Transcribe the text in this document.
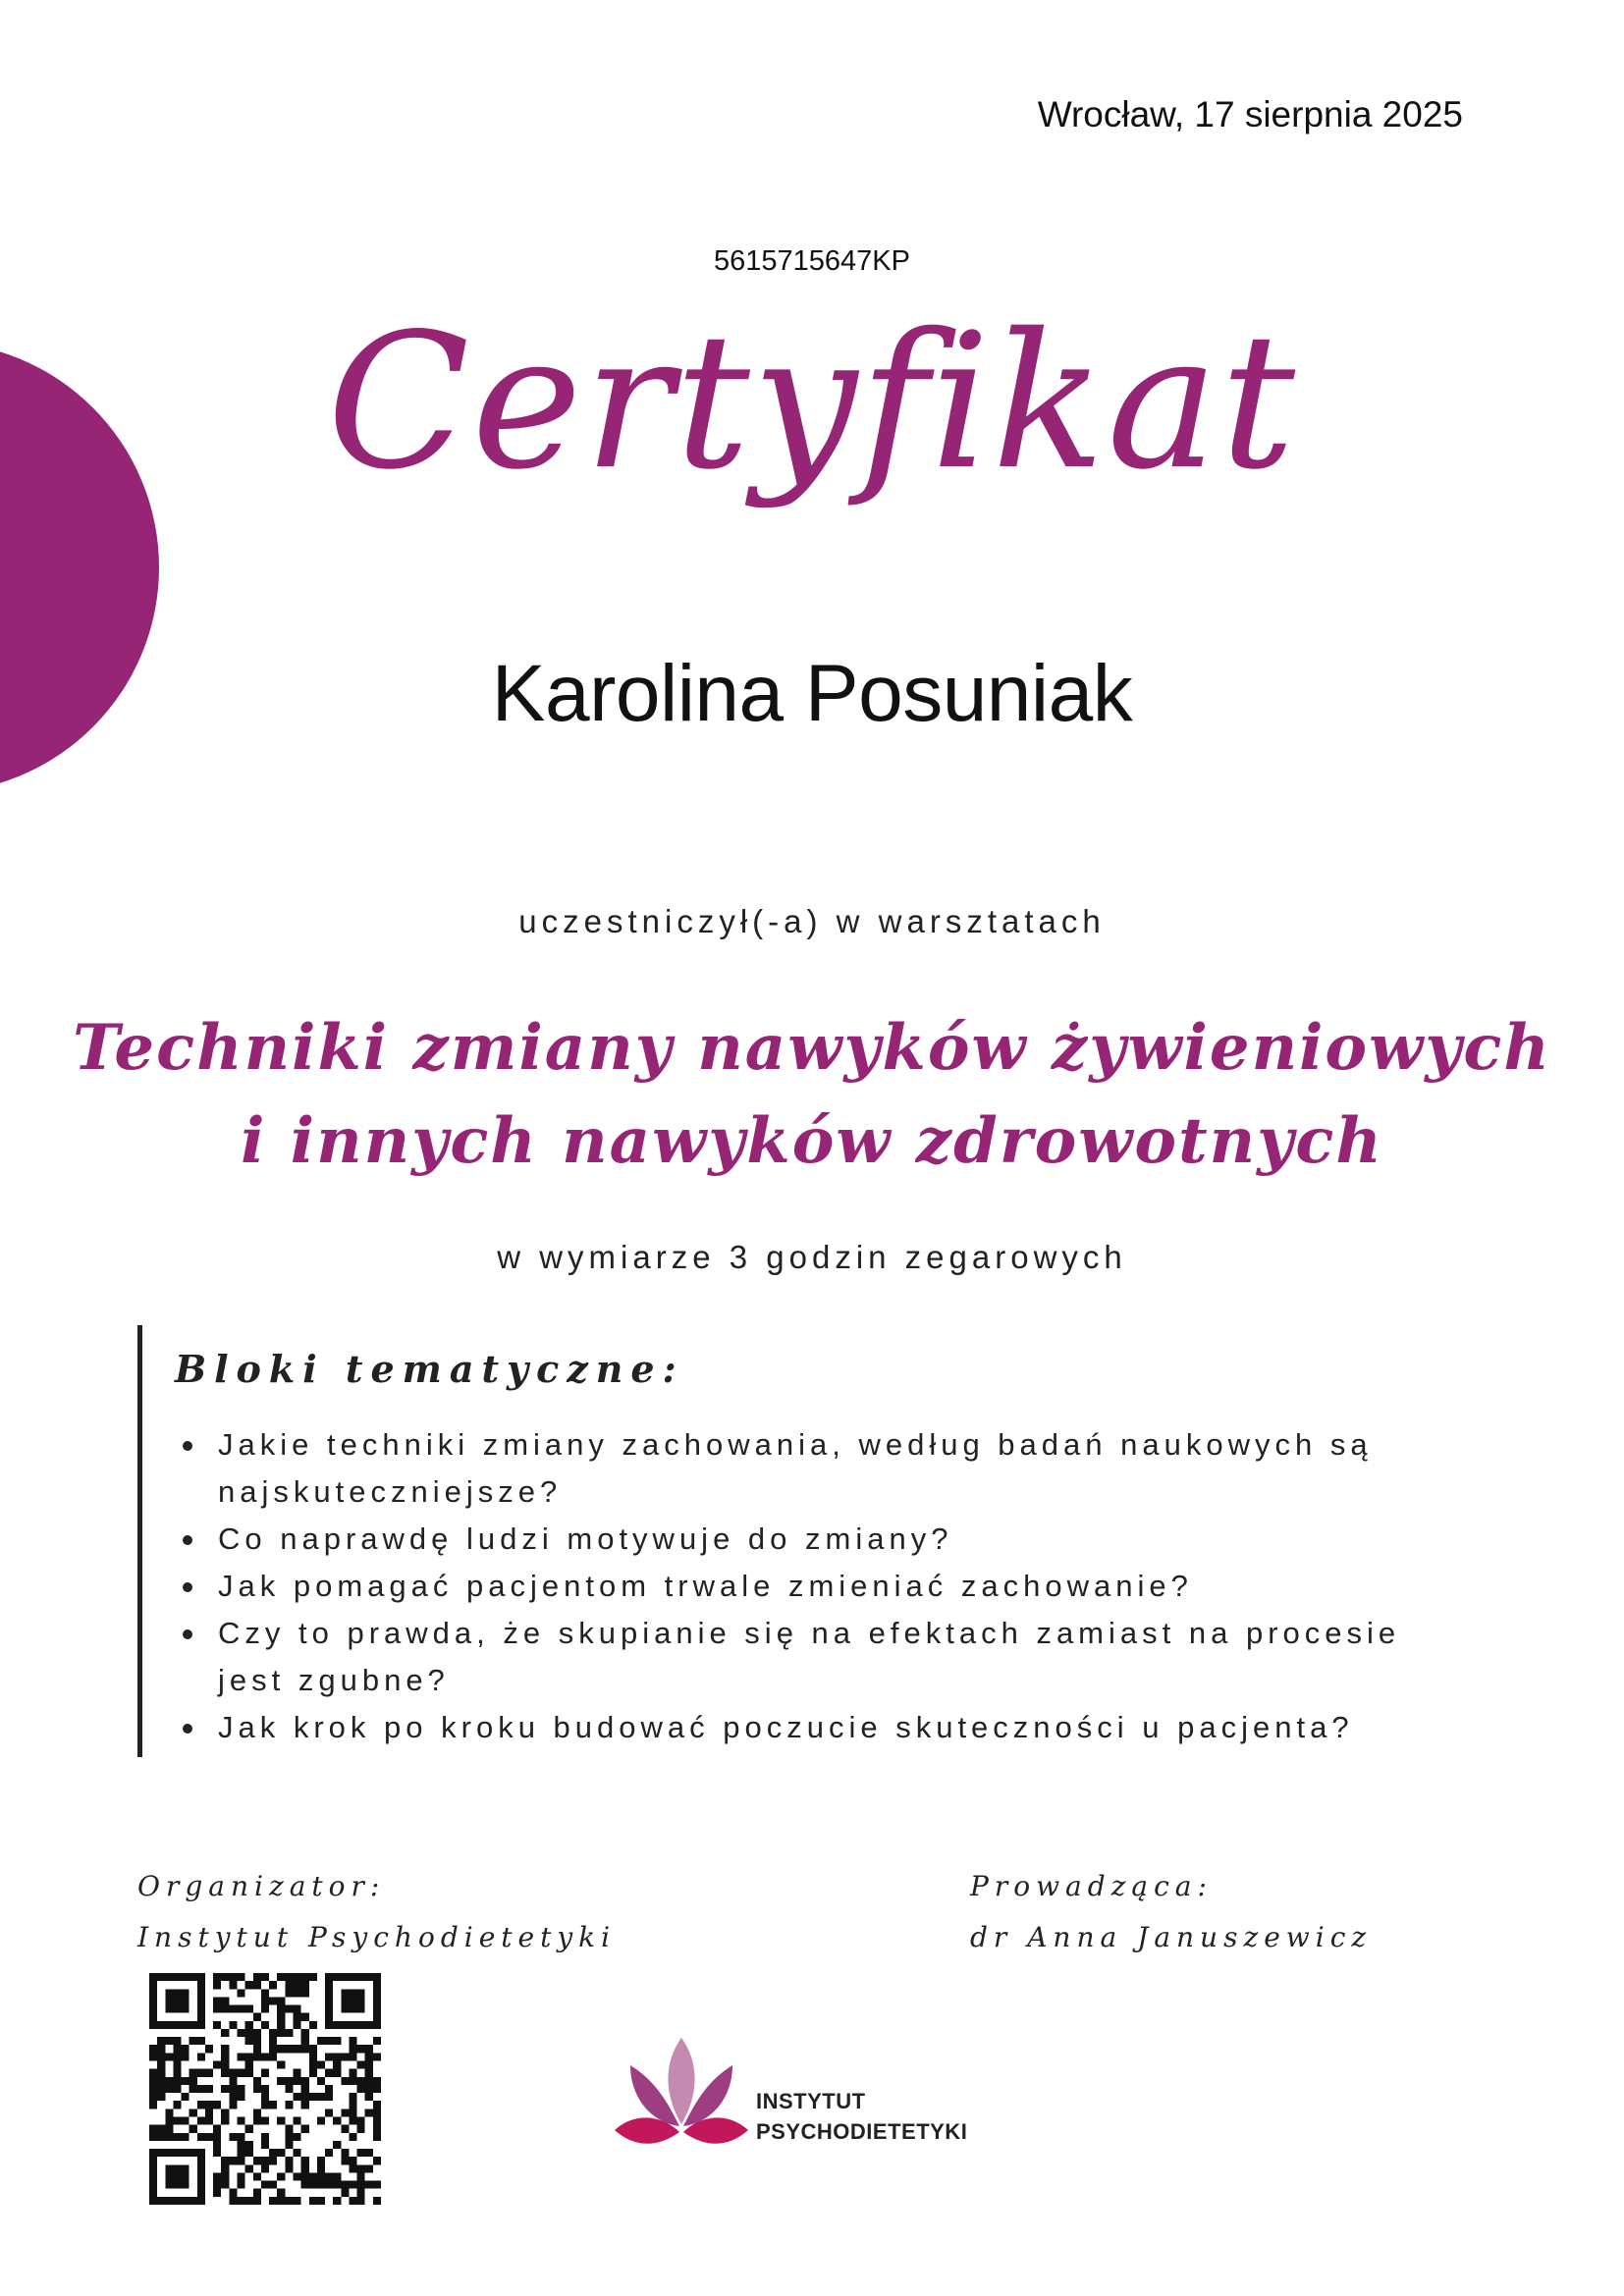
Wrocław, 17 sierpnia 2025
5615715647KP
Certyfikat
Karolina Posuniak
uczestniczył(-a) w warsztatach
Techniki zmiany nawyków żywieniowych
i innych nawyków zdrowotnych
w wymiarze 3 godzin zegarowych
Bloki tematyczne:
Jakie techniki zmiany zachowania, według badań naukowych są najskuteczniejsze?
Co naprawdę ludzi motywuje do zmiany?
Jak pomagać pacjentom trwale zmieniać zachowanie?
Czy to prawda, że skupianie się na efektach zamiast na procesie jest zgubne?
Jak krok po kroku budować poczucie skuteczności u pacjenta?
Organizator:
Instytut Psychodietetyki
Prowadząca:
dr Anna Januszewicz
INSTYTUT
PSYCHODIETETYKI
